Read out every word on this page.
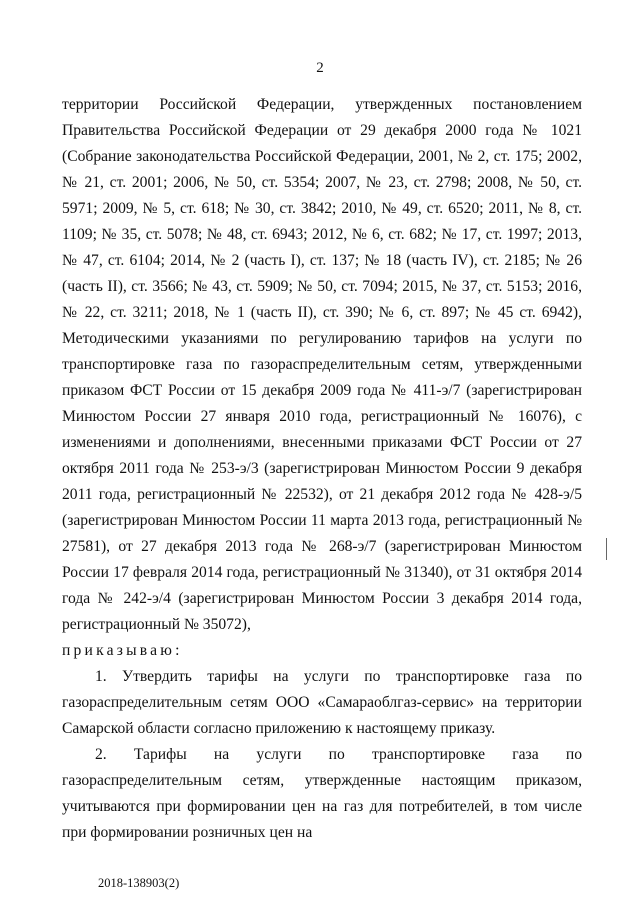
2

территории Российской Федерации, утвержденных постановлением Правительства Российской Федерации от 29 декабря 2000 года № 1021 (Собрание законодательства Российской Федерации, 2001, № 2, ст. 175; 2002, № 21, ст. 2001; 2006, № 50, ст. 5354; 2007, № 23, ст. 2798; 2008, № 50, ст. 5971; 2009, № 5, ст. 618; № 30, ст. 3842; 2010, № 49, ст. 6520; 2011, № 8, ст. 1109; № 35, ст. 5078; № 48, ст. 6943; 2012, № 6, ст. 682; № 17, ст. 1997; 2013, № 47, ст. 6104; 2014, № 2 (часть I), ст. 137; № 18 (часть IV), ст. 2185; № 26 (часть II), ст. 3566; № 43, ст. 5909; № 50, ст. 7094; 2015, № 37, ст. 5153; 2016, № 22, ст. 3211; 2018, № 1 (часть II), ст. 390; № 6, ст. 897; № 45 ст. 6942), Методическими указаниями по регулированию тарифов на услуги по транспортировке газа по газораспределительным сетям, утвержденными приказом ФСТ России от 15 декабря 2009 года № 411-э/7 (зарегистрирован Минюстом России 27 января 2010 года, регистрационный № 16076), с изменениями и дополнениями, внесенными приказами ФСТ России от 27 октября 2011 года № 253-э/3 (зарегистрирован Минюстом России 9 декабря 2011 года, регистрационный № 22532), от 21 декабря 2012 года № 428-э/5 (зарегистрирован Минюстом России 11 марта 2013 года, регистрационный № 27581), от 27 декабря 2013 года № 268-э/7 (зарегистрирован Минюстом России 17 февраля 2014 года, регистрационный № 31340), от 31 октября 2014 года № 242-э/4 (зарегистрирован Минюстом России 3 декабря 2014 года, регистрационный № 35072),

приказываю:

1. Утвердить тарифы на услуги по транспортировке газа по газораспределительным сетям ООО «Самараоблгаз-сервис» на территории Самарской области согласно приложению к настоящему приказу.

2. Тарифы на услуги по транспортировке газа по газораспределительным сетям, утвержденные настоящим приказом, учитываются при формировании цен на газ для потребителей, в том числе при формировании розничных цен на

2018-138903(2)
